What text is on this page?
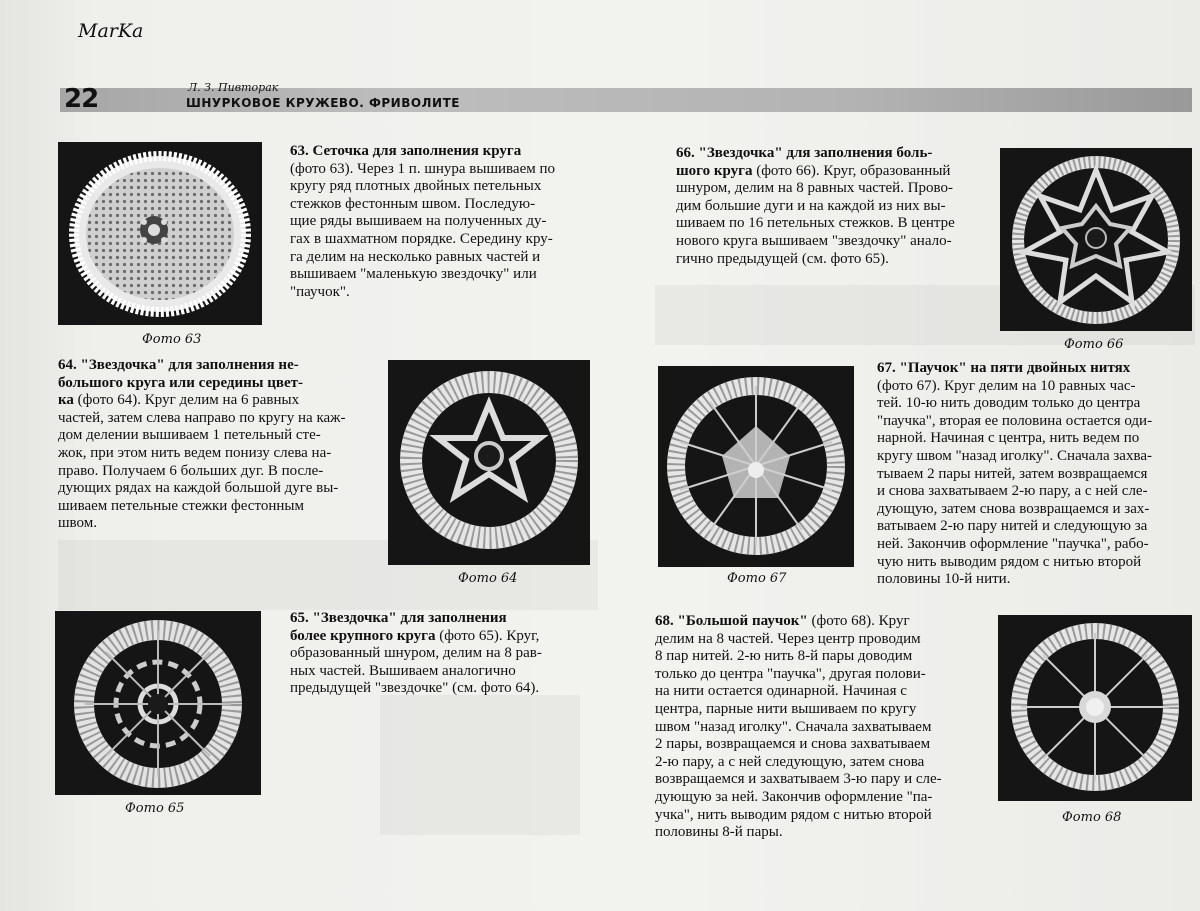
MarKa
22	Л. З. Пивторак
ШНУРКОВОЕ КРУЖЕВО. ФРИВОЛИТЕ
Фото 63
63. Сеточка для заполнения круга
(фото 63). Через 1 п. шнура вышиваем по
кругу ряд плотных двойных петельных
стежков фестонным швом. Последую-
щие ряды вышиваем на полученных ду-
гах в шахматном порядке. Середину кру-
га делим на несколько равных частей и
вышиваем "маленькую звездочку" или
"паучок".
64. "Звездочка" для заполнения не-
большого круга или середины цвет-
ка (фото 64). Круг делим на 6 равных
частей, затем слева направо по кругу на каж-
дом делении вышиваем 1 петельный сте-
жок, при этом нить ведем понизу слева на-
право. Получаем 6 больших дуг. В после-
дующих рядах на каждой большой дуге вы-
шиваем петельные стежки фестонным
швом.
Фото 64
Фото 65
65. "Звездочка" для заполнения
более крупного круга (фото 65). Круг,
образованный шнуром, делим на 8 рав-
ных частей. Вышиваем аналогично
предыдущей "звездочке" (см. фото 64).
66. "Звездочка" для заполнения боль-
шого круга (фото 66). Круг, образованный
шнуром, делим на 8 равных частей. Прово-
дим большие дуги и на каждой из них вы-
шиваем по 16 петельных стежков. В центре
нового круга вышиваем "звездочку" анало-
гично предыдущей (см. фото 65).
Фото 66
Фото 67
67. "Паучок" на пяти двойных нитях
(фото 67). Круг делим на 10 равных час-
тей. 10-ю нить доводим только до центра
"паучка", вторая ее половина остается оди-
нарной. Начиная с центра, нить ведем по
кругу швом "назад иголку". Сначала захва-
тываем 2 пары нитей, затем возвращаемся
и снова захватываем 2-ю пару, а с ней сле-
дующую, затем снова возвращаемся и зах-
ватываем 2-ю пару нитей и следующую за
ней. Закончив оформление "паучка", рабо-
чую нить выводим рядом с нитью второй
половины 10-й нити.
68. "Большой паучок" (фото 68). Круг
делим на 8 частей. Через центр проводим
8 пар нитей. 2-ю нить 8-й пары доводим
только до центра "паучка", другая полови-
на нити остается одинарной. Начиная с
центра, парные нити вышиваем по кругу
швом "назад иголку". Сначала захватываем
2 пары, возвращаемся и снова захватываем
2-ю пару, а с ней следующую, затем снова
возвращаемся и захватываем 3-ю пару и сле-
дующую за ней. Закончив оформление "па-
учка", нить выводим рядом с нитью второй
половины 8-й пары.
Фото 68
